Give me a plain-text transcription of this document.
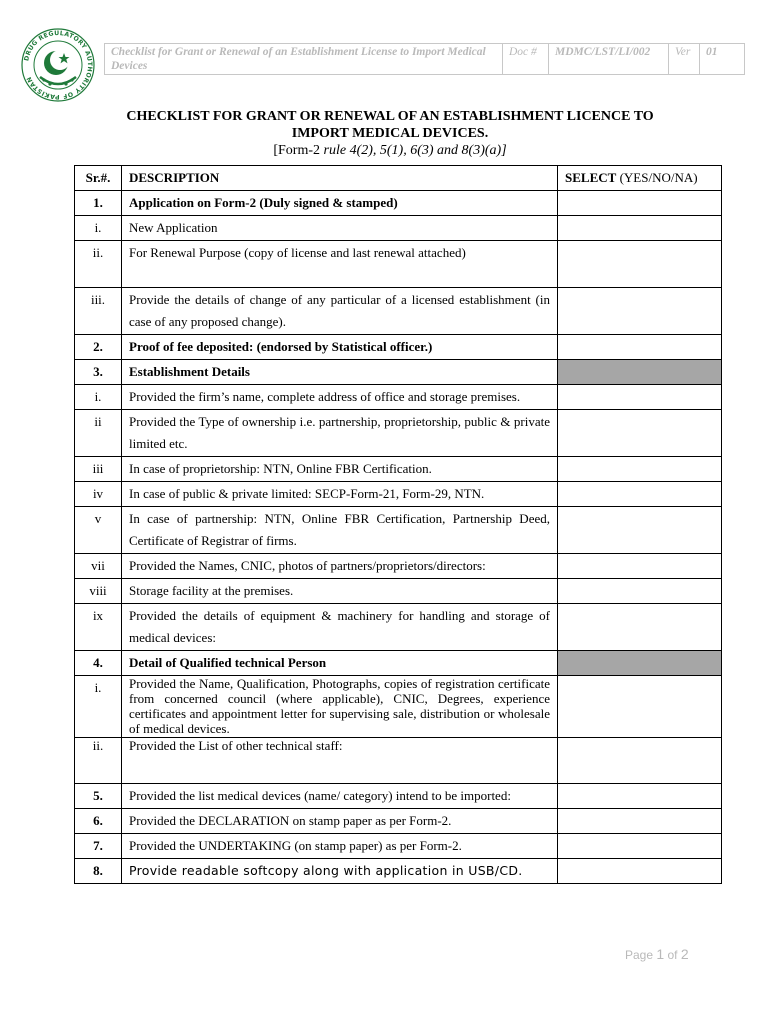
DRUG REGULATORY AUTHORITY OF PAKISTAN
Checklist for Grant or Renewal of an Establishment License to Import Medical Devices	Doc #	MDMC/LST/LI/002	Ver	01
CHECKLIST FOR GRANT OR RENEWAL OF AN ESTABLISHMENT LICENCE TO
IMPORT MEDICAL DEVICES.
[Form-2 rule 4(2), 5(1), 6(3) and 8(3)(a)]
Sr.#.	DESCRIPTION	SELECT (YES/NO/NA)
1.	Application on Form-2 (Duly signed & stamped)	
i.	New Application	
ii.	For Renewal Purpose (copy of license and last renewal attached)	
iii.	Provide the details of change of any particular of a licensed establishment (in case of any proposed change).	
2.	Proof of fee deposited: (endorsed by Statistical officer.)	
3.	Establishment Details	
i.	Provided the firm’s name, complete address of office and storage premises.	
ii	Provided the Type of ownership i.e. partnership, proprietorship, public & private limited etc.	
iii	In case of proprietorship: NTN, Online FBR Certification.	
iv	In case of public & private limited: SECP-Form-21, Form-29, NTN.	
v	In case of partnership: NTN, Online FBR Certification, Partnership Deed, Certificate of Registrar of firms.	
vii	Provided the Names, CNIC, photos of partners/proprietors/directors:	
viii	Storage facility at the premises.	
ix	Provided the details of equipment & machinery for handling and storage of medical devices:	
4.	Detail of Qualified technical Person	
i.	Provided the Name, Qualification, Photographs, copies of registration certificate from concerned council (where applicable), CNIC, Degrees, experience certificates and appointment letter for supervising sale, distribution or wholesale of medical devices.	
ii.	Provided the List of other technical staff:	
5.	Provided the list medical devices (name/ category) intend to be imported:	
6.	Provided the DECLARATION on stamp paper as per Form-2.	
7.	Provided the UNDERTAKING (on stamp paper) as per Form-2.	
8.	Provide readable softcopy along with application in USB/CD.	
Page 1 of 2
